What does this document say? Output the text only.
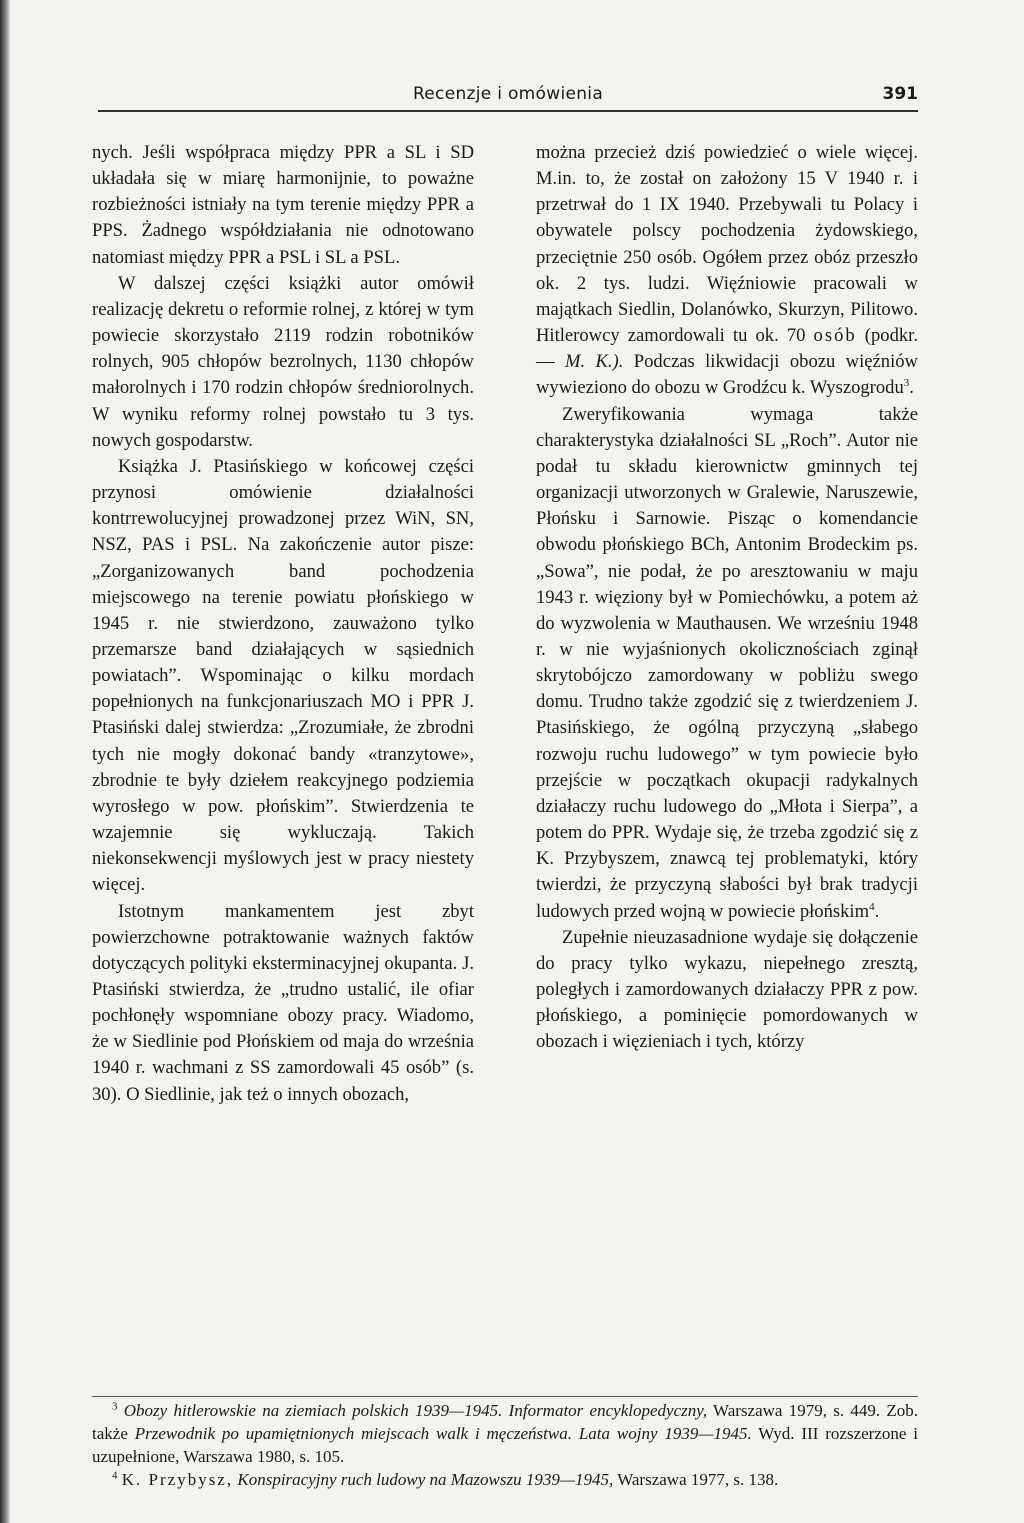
Recenzje i omówienia	391

nych. Jeśli współpraca między PPR a SL i SD układała się w miarę harmonijnie, to poważne rozbieżności istniały na tym terenie między PPR a PPS. Żadnego współdziałania nie odnotowano natomiast między PPR a PSL i SL a PSL.

W dalszej części książki autor omówił realizację dekretu o reformie rolnej, z której w tym powiecie skorzystało 2119 rodzin robotników rolnych, 905 chłopów bezrolnych, 1130 chłopów małorolnych i 170 rodzin chłopów średniorolnych. W wyniku reformy rolnej powstało tu 3 tys. nowych gospodarstw.

Książka J. Ptasińskiego w końcowej części przynosi omówienie działalności kontrrewolucyjnej prowadzonej przez WiN, SN, NSZ, PAS i PSL. Na zakończenie autor pisze: „Zorganizowanych band pochodzenia miejscowego na terenie powiatu płońskiego w 1945 r. nie stwierdzono, zauważono tylko przemarsze band działających w sąsiednich powiatach”. Wspominając o kilku mordach popełnionych na funkcjonariuszach MO i PPR J. Ptasiński dalej stwierdza: „Zrozumiałe, że zbrodni tych nie mogły dokonać bandy «tranzytowe», zbrodnie te były dziełem reakcyjnego podziemia wyrosłego w pow. płońskim”. Stwierdzenia te wzajemnie się wykluczają. Takich niekonsekwencji myślowych jest w pracy niestety więcej.

Istotnym mankamentem jest zbyt powierzchowne potraktowanie ważnych faktów dotyczących polityki eksterminacyjnej okupanta. J. Ptasiński stwierdza, że „trudno ustalić, ile ofiar pochłonęły wspomniane obozy pracy. Wiadomo, że w Siedlinie pod Płońskiem od maja do września 1940 r. wachmani z SS zamordowali 45 osób” (s. 30). O Siedlinie, jak też o innych obozach,

można przecież dziś powiedzieć o wiele więcej. M.in. to, że został on założony 15 V 1940 r. i przetrwał do 1 IX 1940. Przebywali tu Polacy i obywatele polscy pochodzenia żydowskiego, przeciętnie 250 osób. Ogółem przez obóz przeszło ok. 2 tys. ludzi. Więźniowie pracowali w majątkach Siedlin, Dolanówko, Skurzyn, Pilitowo. Hitlerowcy zamordowali tu ok. 70 osób (podkr. — M. K.). Podczas likwidacji obozu więźniów wywieziono do obozu w Grodźcu k. Wyszogrodu$^3$.

Zweryfikowania wymaga także charakterystyka działalności SL „Roch”. Autor nie podał tu składu kierownictw gminnych tej organizacji utworzonych w Gralewie, Naruszewie, Płońsku i Sarnowie. Pisząc o komendancie obwodu płońskiego BCh, Antonim Brodeckim ps. „Sowa”, nie podał, że po aresztowaniu w maju 1943 r. więziony był w Pomiechówku, a potem aż do wyzwolenia w Mauthausen. We wrześniu 1948 r. w nie wyjaśnionych okolicznościach zginął skrytobójczo zamordowany w pobliżu swego domu. Trudno także zgodzić się z twierdzeniem J. Ptasińskiego, że ogólną przyczyną „słabego rozwoju ruchu ludowego” w tym powiecie było przejście w początkach okupacji radykalnych działaczy ruchu ludowego do „Młota i Sierpa”, a potem do PPR. Wydaje się, że trzeba zgodzić się z K. Przybyszem, znawcą tej problematyki, który twierdzi, że przyczyną słabości był brak tradycji ludowych przed wojną w powiecie płońskim$^4$.

Zupełnie nieuzasadnione wydaje się dołączenie do pracy tylko wykazu, niepełnego zresztą, poległych i zamordowanych działaczy PPR z pow. płońskiego, a pominięcie pomordowanych w obozach i więzieniach i tych, którzy

$^3$ Obozy hitlerowskie na ziemiach polskich 1939—1945. Informator encyklopedyczny, Warszawa 1979, s. 449. Zob. także Przewodnik po upamiętnionych miejscach walk i męczeństwa. Lata wojny 1939—1945. Wyd. III rozszerzone i uzupełnione, Warszawa 1980, s. 105.

$^4$ K. Przybysz, Konspiracyjny ruch ludowy na Mazowszu 1939—1945, Warszawa 1977, s. 138.
